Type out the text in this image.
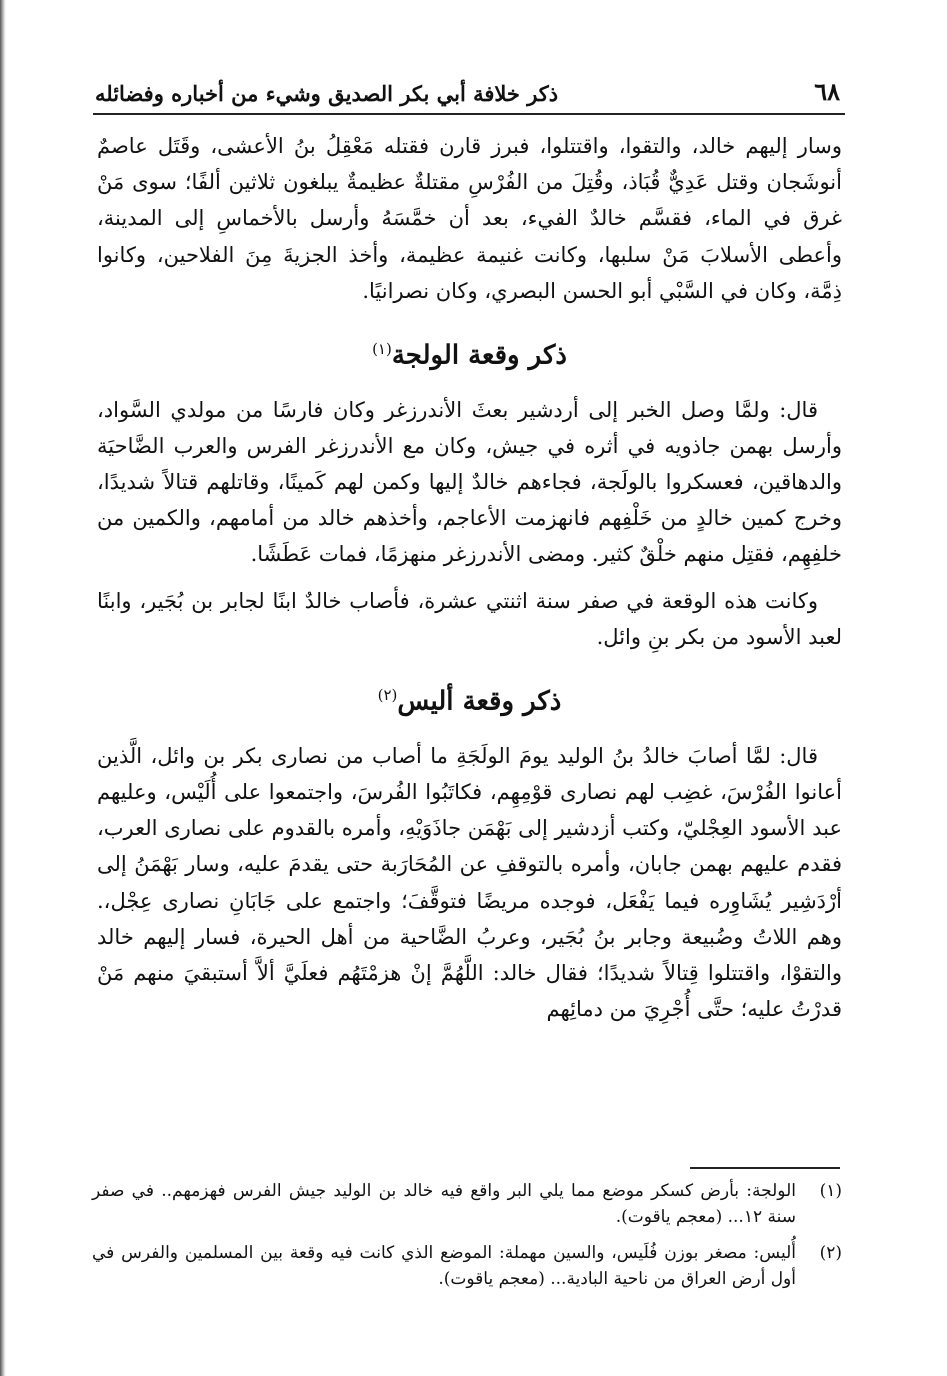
٦٨
ذكر خلافة أبي بكر الصديق وشيء من أخباره وفضائله

وسار إليهم خالد، والتقوا، واقتتلوا، فبرز قارن فقتله مَعْقِلُ بنُ الأعشى، وقَتَل عاصمٌ أنوشَجان وقتل عَدِيٌّ قُبَاذ، وقُتِلَ من الفُرْسِ مقتلةٌ عظيمةٌ يبلغون ثلاثين ألفًا؛ سوى مَنْ غرق في الماء، فقسَّم خالدٌ الفيء، بعد أن خمَّسَهُ وأرسل بالأخماسِ إلى المدينة، وأعطى الأسلابَ مَنْ سلبها، وكانت غنيمة عظيمة، وأخذ الجزيةَ مِنَ الفلاحين، وكانوا ذِمَّة، وكان في السَّبْي أبو الحسن البصري، وكان نصرانيًا.

ذكر وقعة الولجة$^{(١)}$

قال: ولمَّا وصل الخبر إلى أردشير بعثَ الأندرزغر وكان فارسًا من مولدي السَّواد، وأرسل بهمن جاذويه في أثره في جيش، وكان مع الأندرزغر الفرس والعرب الضَّاحيَة والدهاقين، فعسكروا بالولَجة، فجاءهم خالدٌ إليها وكمن لهم كَمينًا، وقاتلهم قتالاً شديدًا، وخرج كمين خالدٍ من خَلْفِهم فانهزمت الأعاجم، وأخذهم خالد من أمامهم، والكمين من خلفِهِم، فقتِل منهم خلْقٌ كثير. ومضى الأندرزغر منهزمًا، فمات عَطَشًا.

وكانت هذه الوقعة في صفر سنة اثنتي عشرة، فأصاب خالدٌ ابنًا لجابر بن بُجَير، وابنًا لعبد الأسود من بكر بنِ وائل.

ذكر وقعة أليس$^{(٢)}$

قال: لمَّا أصابَ خالدُ بنُ الوليد يومَ الولَجَةِ ما أصاب من نصارى بكر بن وائل، الَّذين أعانوا الفُرْسَ، غضِب لهم نصارى قوْمِهِم، فكاتَبُوا الفُرسَ، واجتمعوا على أُلَيْس، وعليهم عبد الأسود العِجْليّ، وكتب أزدشير إلى بَهْمَن جاذَوَيْهِ، وأمره بالقدوم على نصارى العرب، فقدم عليهم بهمن جابان، وأمره بالتوقفِ عن المُحَارَبة حتى يقدمَ عليه، وسار بَهْمَنُ إلى أرْدَشِير يُشَاوِره فيما يَفْعَل، فوجده مريضًا فتوقَّفَ؛ واجتمع على جَابَانِ نصارى عِجْل،. وهم اللاتُ وضُبيعة وجابر بنُ بُجَير، وعربُ الضَّاحية من أهل الحيرة، فسار إليهم خالد والتقوْا، واقتتلوا قِتالاً شديدًا؛ فقال خالد: اللَّهُمَّ إنْ هزمْتَهُم فعلَيَّ ألاَّ أستبقيَ منهم مَنْ قدرْتُ عليه؛ حتَّى أُجْرِيَ من دمائِهم

(١)
الولجة: بأرض كسكر موضع مما يلي البر واقع فيه خالد بن الوليد جيش الفرس فهزمهم.. في صفر سنة ١٢... (معجم ياقوت).
(٢)
أُليس: مصغر بوزن فُلَيس، والسين مهملة: الموضع الذي كانت فيه وقعة بين المسلمين والفرس في أول أرض العراق من ناحية البادية... (معجم ياقوت).
